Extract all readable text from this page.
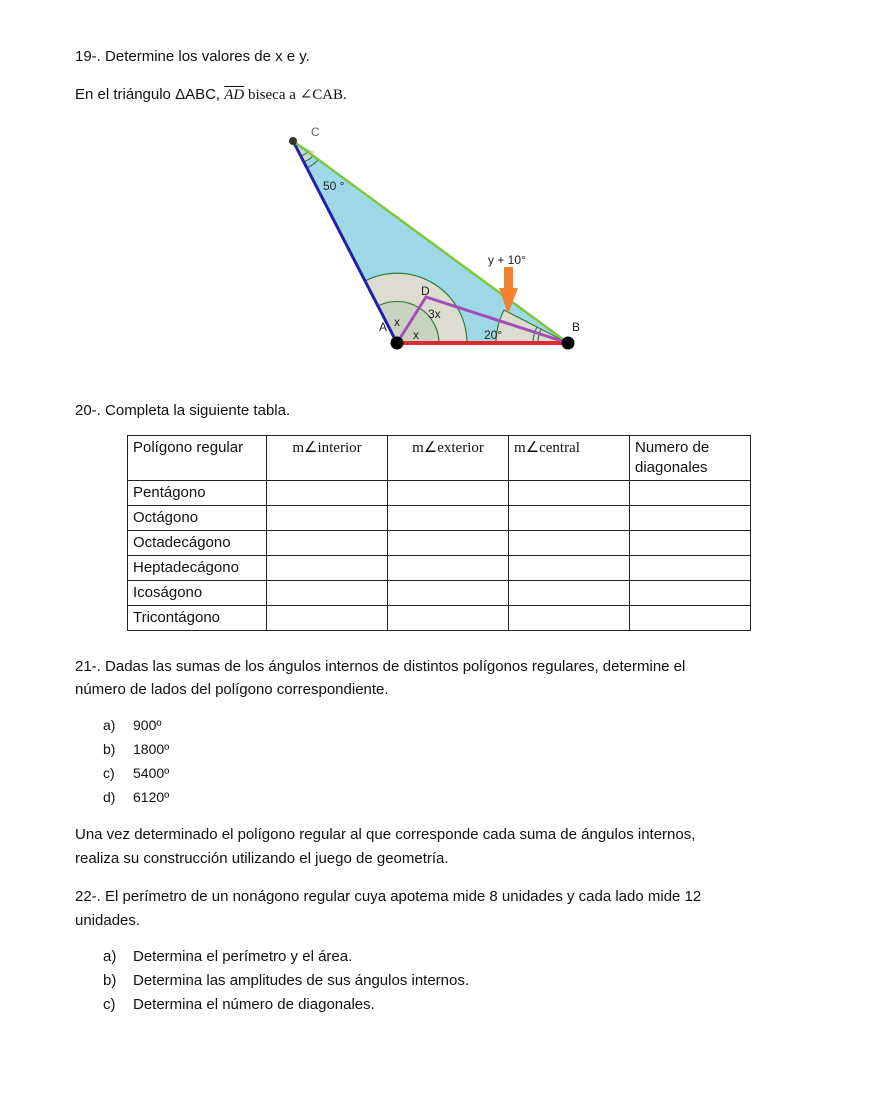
19-. Determine los valores de x e y.
En el triángulo ΔABC, $\overline{AD}$ biseca a ∠CAB.
C
50 °
y + 10°
D
3x
A x
x	20°
B
20-. Completa la siguiente tabla.
Polígono regular	m∠interior	m∠exterior	m∠central	Numero de diagonales
Pentágono				
Octágono				
Octadecágono				
Heptadecágono				
Icoságono				
Tricontágono				
21-. Dadas las sumas de los ángulos internos de distintos polígonos regulares, determine el
número de lados del polígono correspondiente.
a)	900º
b)	1800º
c)	5400º
d)	6120º
Una vez determinado el polígono regular al que corresponde cada suma de ángulos internos,
realiza su construcción utilizando el juego de geometría.
22-. El perímetro de un nonágono regular cuya apotema mide 8 unidades y cada lado mide 12
unidades.
a)	Determina el perímetro y el área.
b)	Determina las amplitudes de sus ángulos internos.
c)	Determina el número de diagonales.
